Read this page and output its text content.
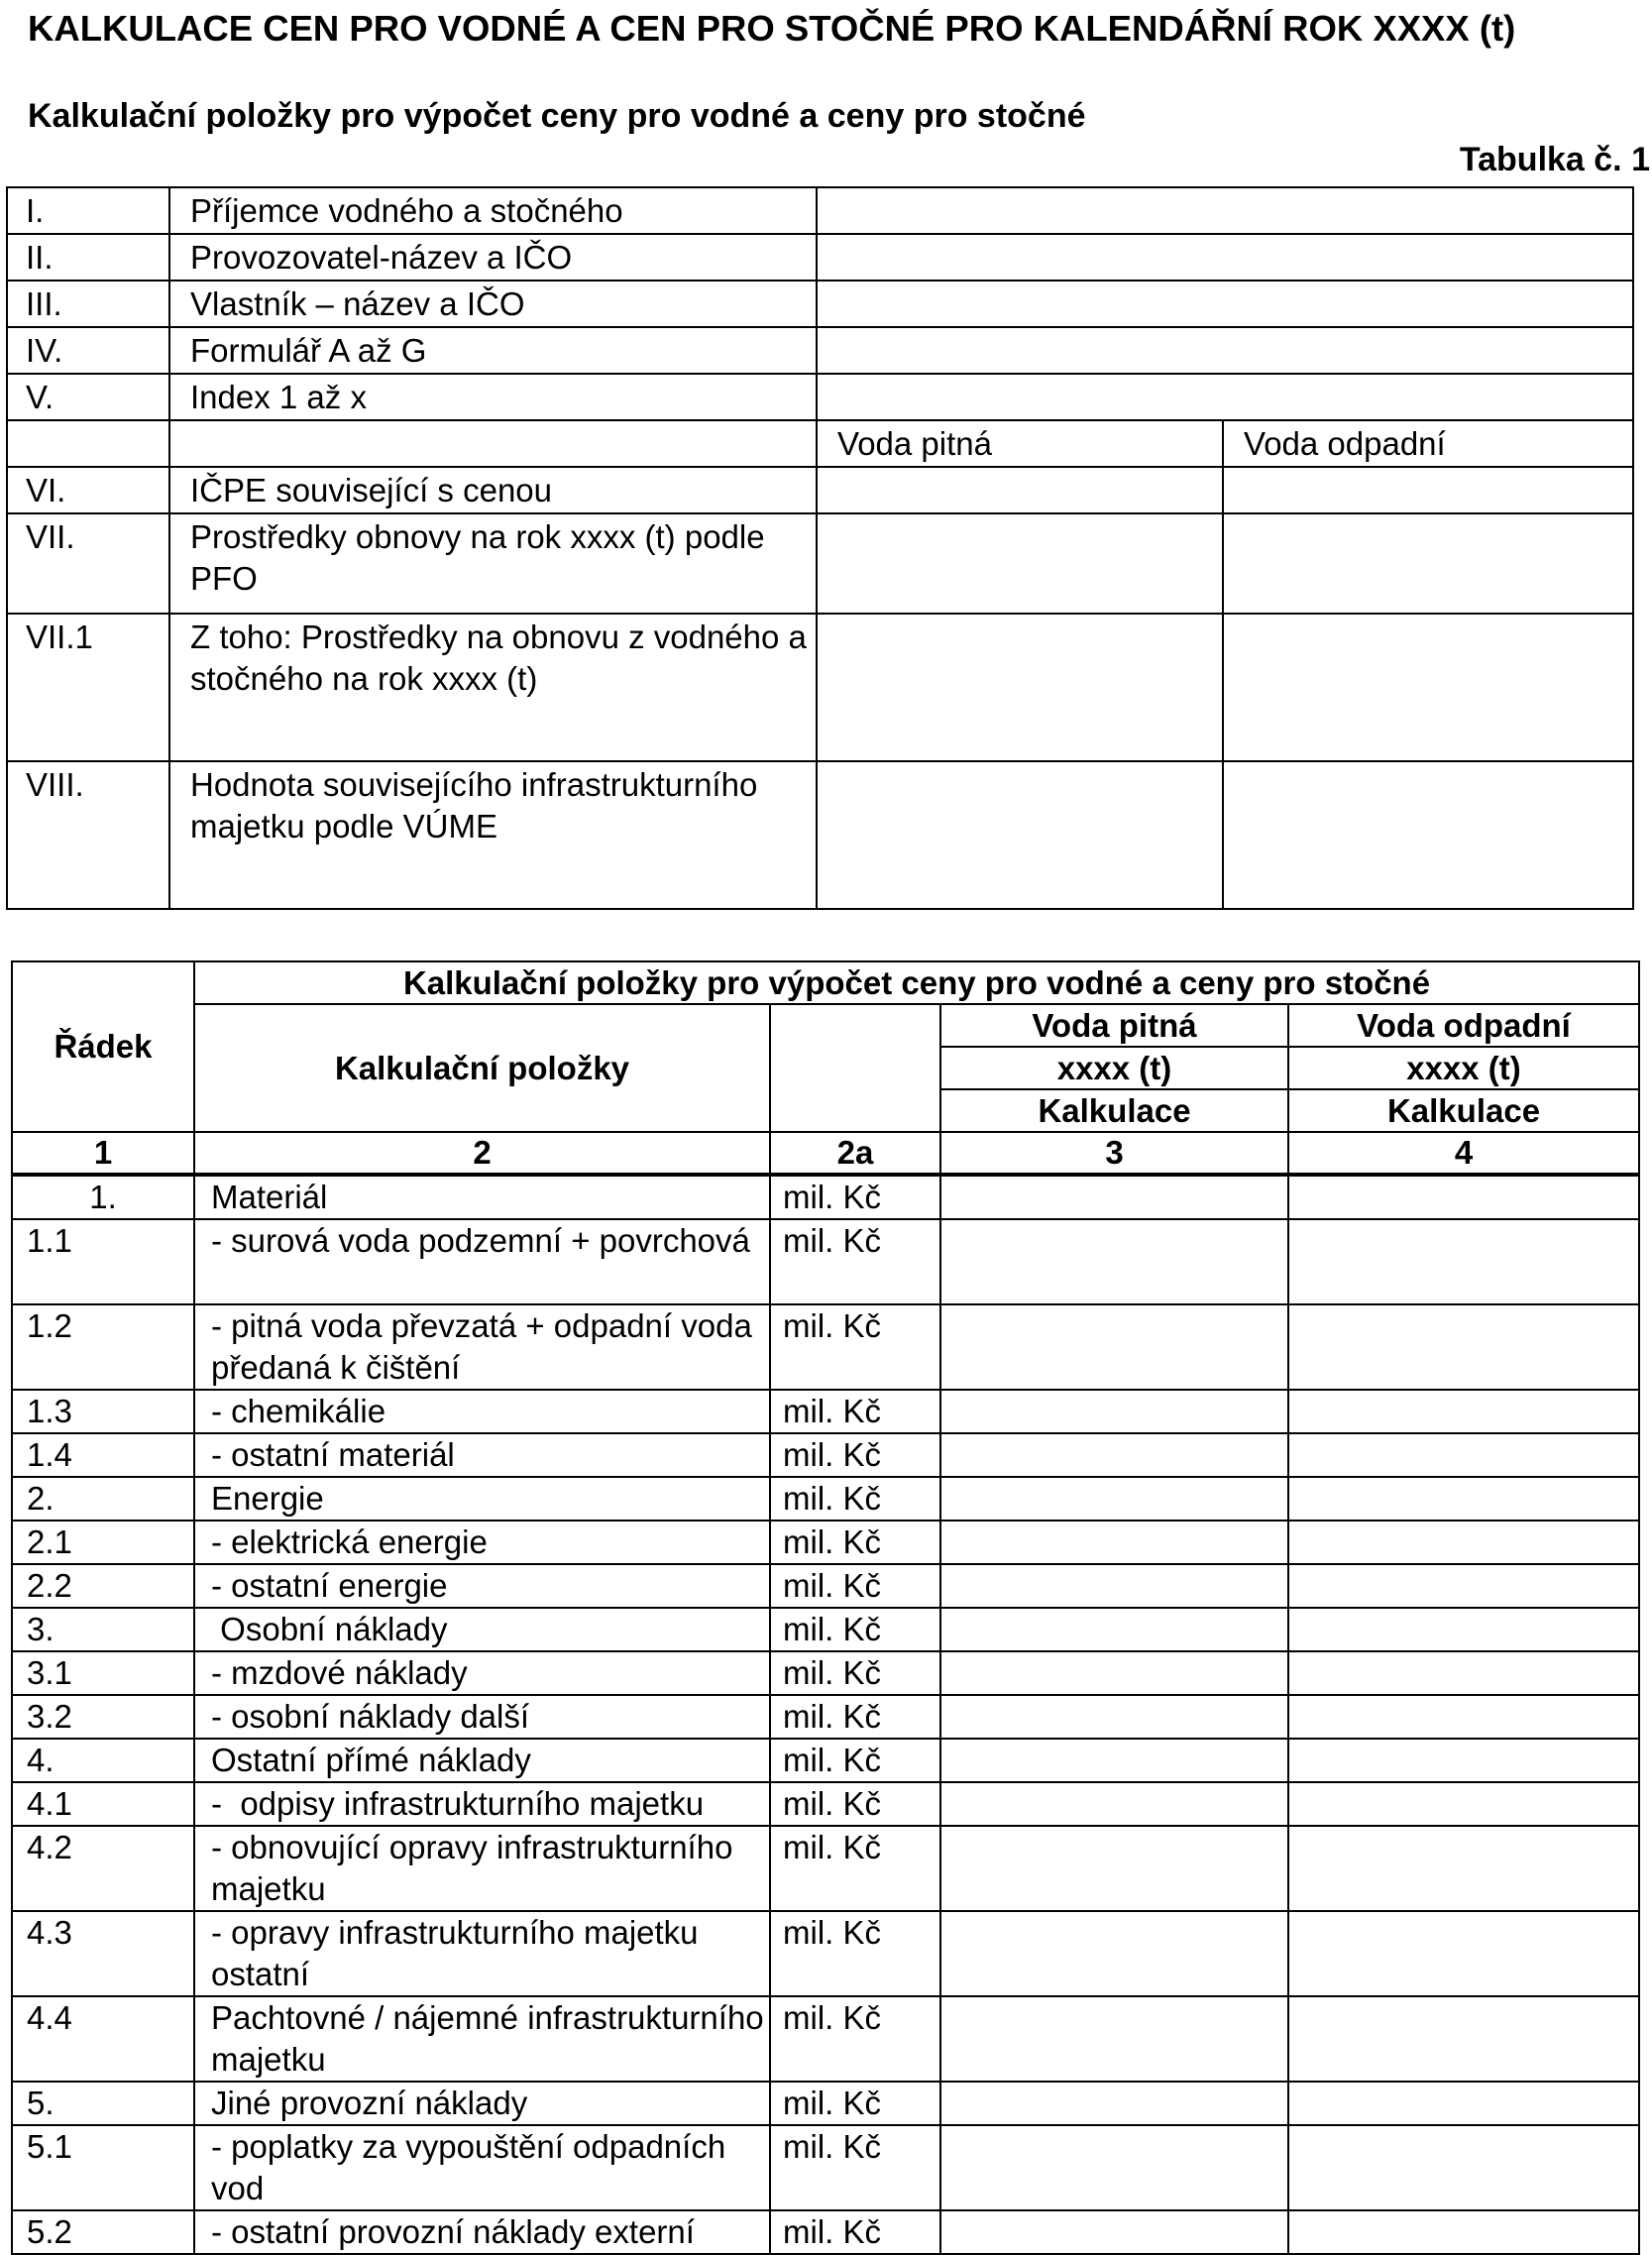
KALKULACE CEN PRO VODNÉ A CEN PRO STOČNÉ PRO KALENDÁŘNÍ ROK XXXX (t)
Kalkulační položky pro výpočet ceny pro vodné a ceny pro stočné
Tabulka č. 1
I.	Příjemce vodného a stočného		
II.	Provozovatel-název a IČO		
III.	Vlastník – název a IČO		
IV.	Formulář A až G		
V.	Index 1 až x		
		Voda pitná	Voda odpadní
VI.	IČPE související s cenou		
VII.	Prostředky obnovy na rok xxxx (t) podle PFO		
VII.1	Z toho: Prostředky na obnovu z vodného a stočného na rok xxxx (t)		
VIII.	Hodnota souvisejícího infrastrukturního majetku podle VÚME		
Řádek	Kalkulační položky pro výpočet ceny pro vodné a ceny pro stočné			
	Kalkulační položky		Voda pitná	Voda odpadní
			xxxx (t)	xxxx (t)
			Kalkulace	Kalkulace
1	2	2a	3	4
1.	Materiál	mil. Kč		
1.1	- surová voda podzemní + povrchová	mil. Kč		
1.2	- pitná voda převzatá + odpadní voda předaná k čištění	mil. Kč		
1.3	- chemikálie	mil. Kč		
1.4	- ostatní materiál	mil. Kč		
2.	Energie	mil. Kč		
2.1	- elektrická energie	mil. Kč		
2.2	- ostatní energie	mil. Kč		
3.	Osobní náklady	mil. Kč		
3.1	- mzdové náklady	mil. Kč		
3.2	- osobní náklady další	mil. Kč		
4.	Ostatní přímé náklady	mil. Kč		
4.1	-  odpisy infrastrukturního majetku	mil. Kč		
4.2	- obnovující opravy infrastrukturního majetku	mil. Kč		
4.3	- opravy infrastrukturního majetku ostatní	mil. Kč		
4.4	Pachtovné / nájemné infrastrukturního majetku	mil. Kč		
5.	Jiné provozní náklady	mil. Kč		
5.1	- poplatky za vypouštění odpadních vod	mil. Kč		
5.2	- ostatní provozní náklady externí	mil. Kč		
